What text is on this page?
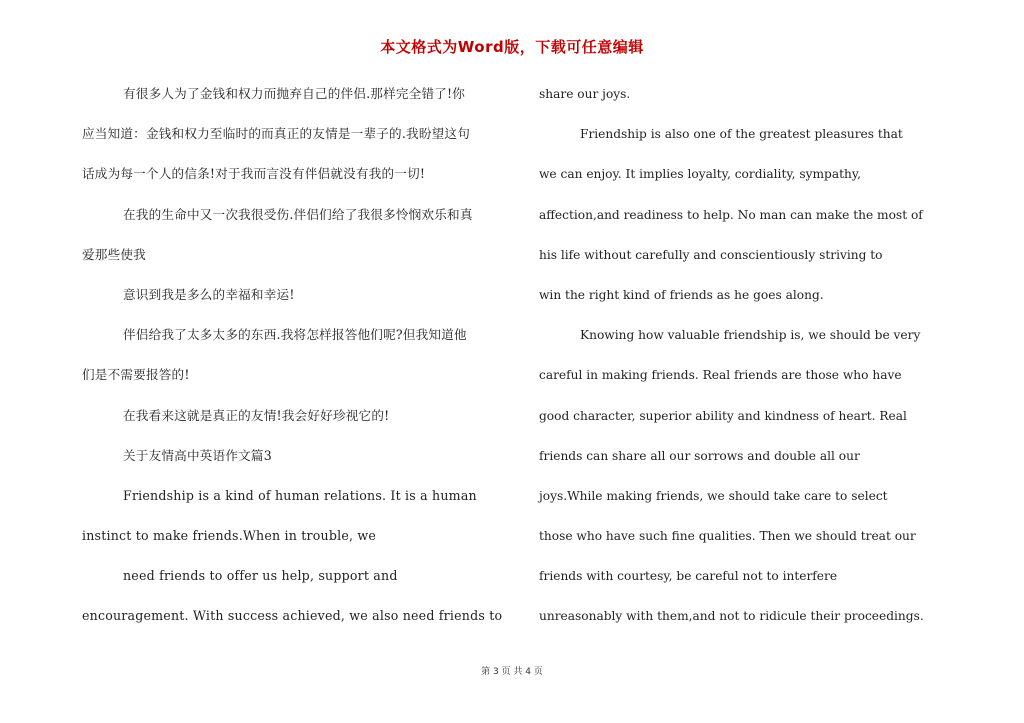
本文格式为Word版，下载可任意编辑
有很多人为了金钱和权力而抛弃自己的伴侣.那样完全错了!你
应当知道：金钱和权力至临时的而真正的友情是一辈子的.我盼望这句
话成为每一个人的信条!对于我而言没有伴侣就没有我的一切!
在我的生命中又一次我很受伤.伴侣们给了我很多怜悯欢乐和真
爱那些使我
意识到我是多么的幸福和幸运!
伴侣给我了太多太多的东西.我将怎样报答他们呢?但我知道他
们是不需要报答的!
在我看来这就是真正的友情!我会好好珍视它的!
关于友情高中英语作文篇3
Friendship is a kind of human relations. It is a human
instinct to make friends.When in trouble, we
need friends to offer us help, support and
encouragement. With success achieved, we also need friends to
share our joys.
Friendship is also one of the greatest pleasures that
we can enjoy. It implies loyalty, cordiality, sympathy,
affection,and readiness to help. No man can make the most of
his life without carefully and conscientiously striving to
win the right kind of friends as he goes along.
Knowing how valuable friendship is, we should be very
careful in making friends. Real friends are those who have
good character, superior ability and kindness of heart. Real
friends can share all our sorrows and double all our
joys.While making friends, we should take care to select
those who have such fine qualities. Then we should treat our
friends with courtesy, be careful not to interfere
unreasonably with them,and not to ridicule their proceedings.
第 3 页 共 4 页
